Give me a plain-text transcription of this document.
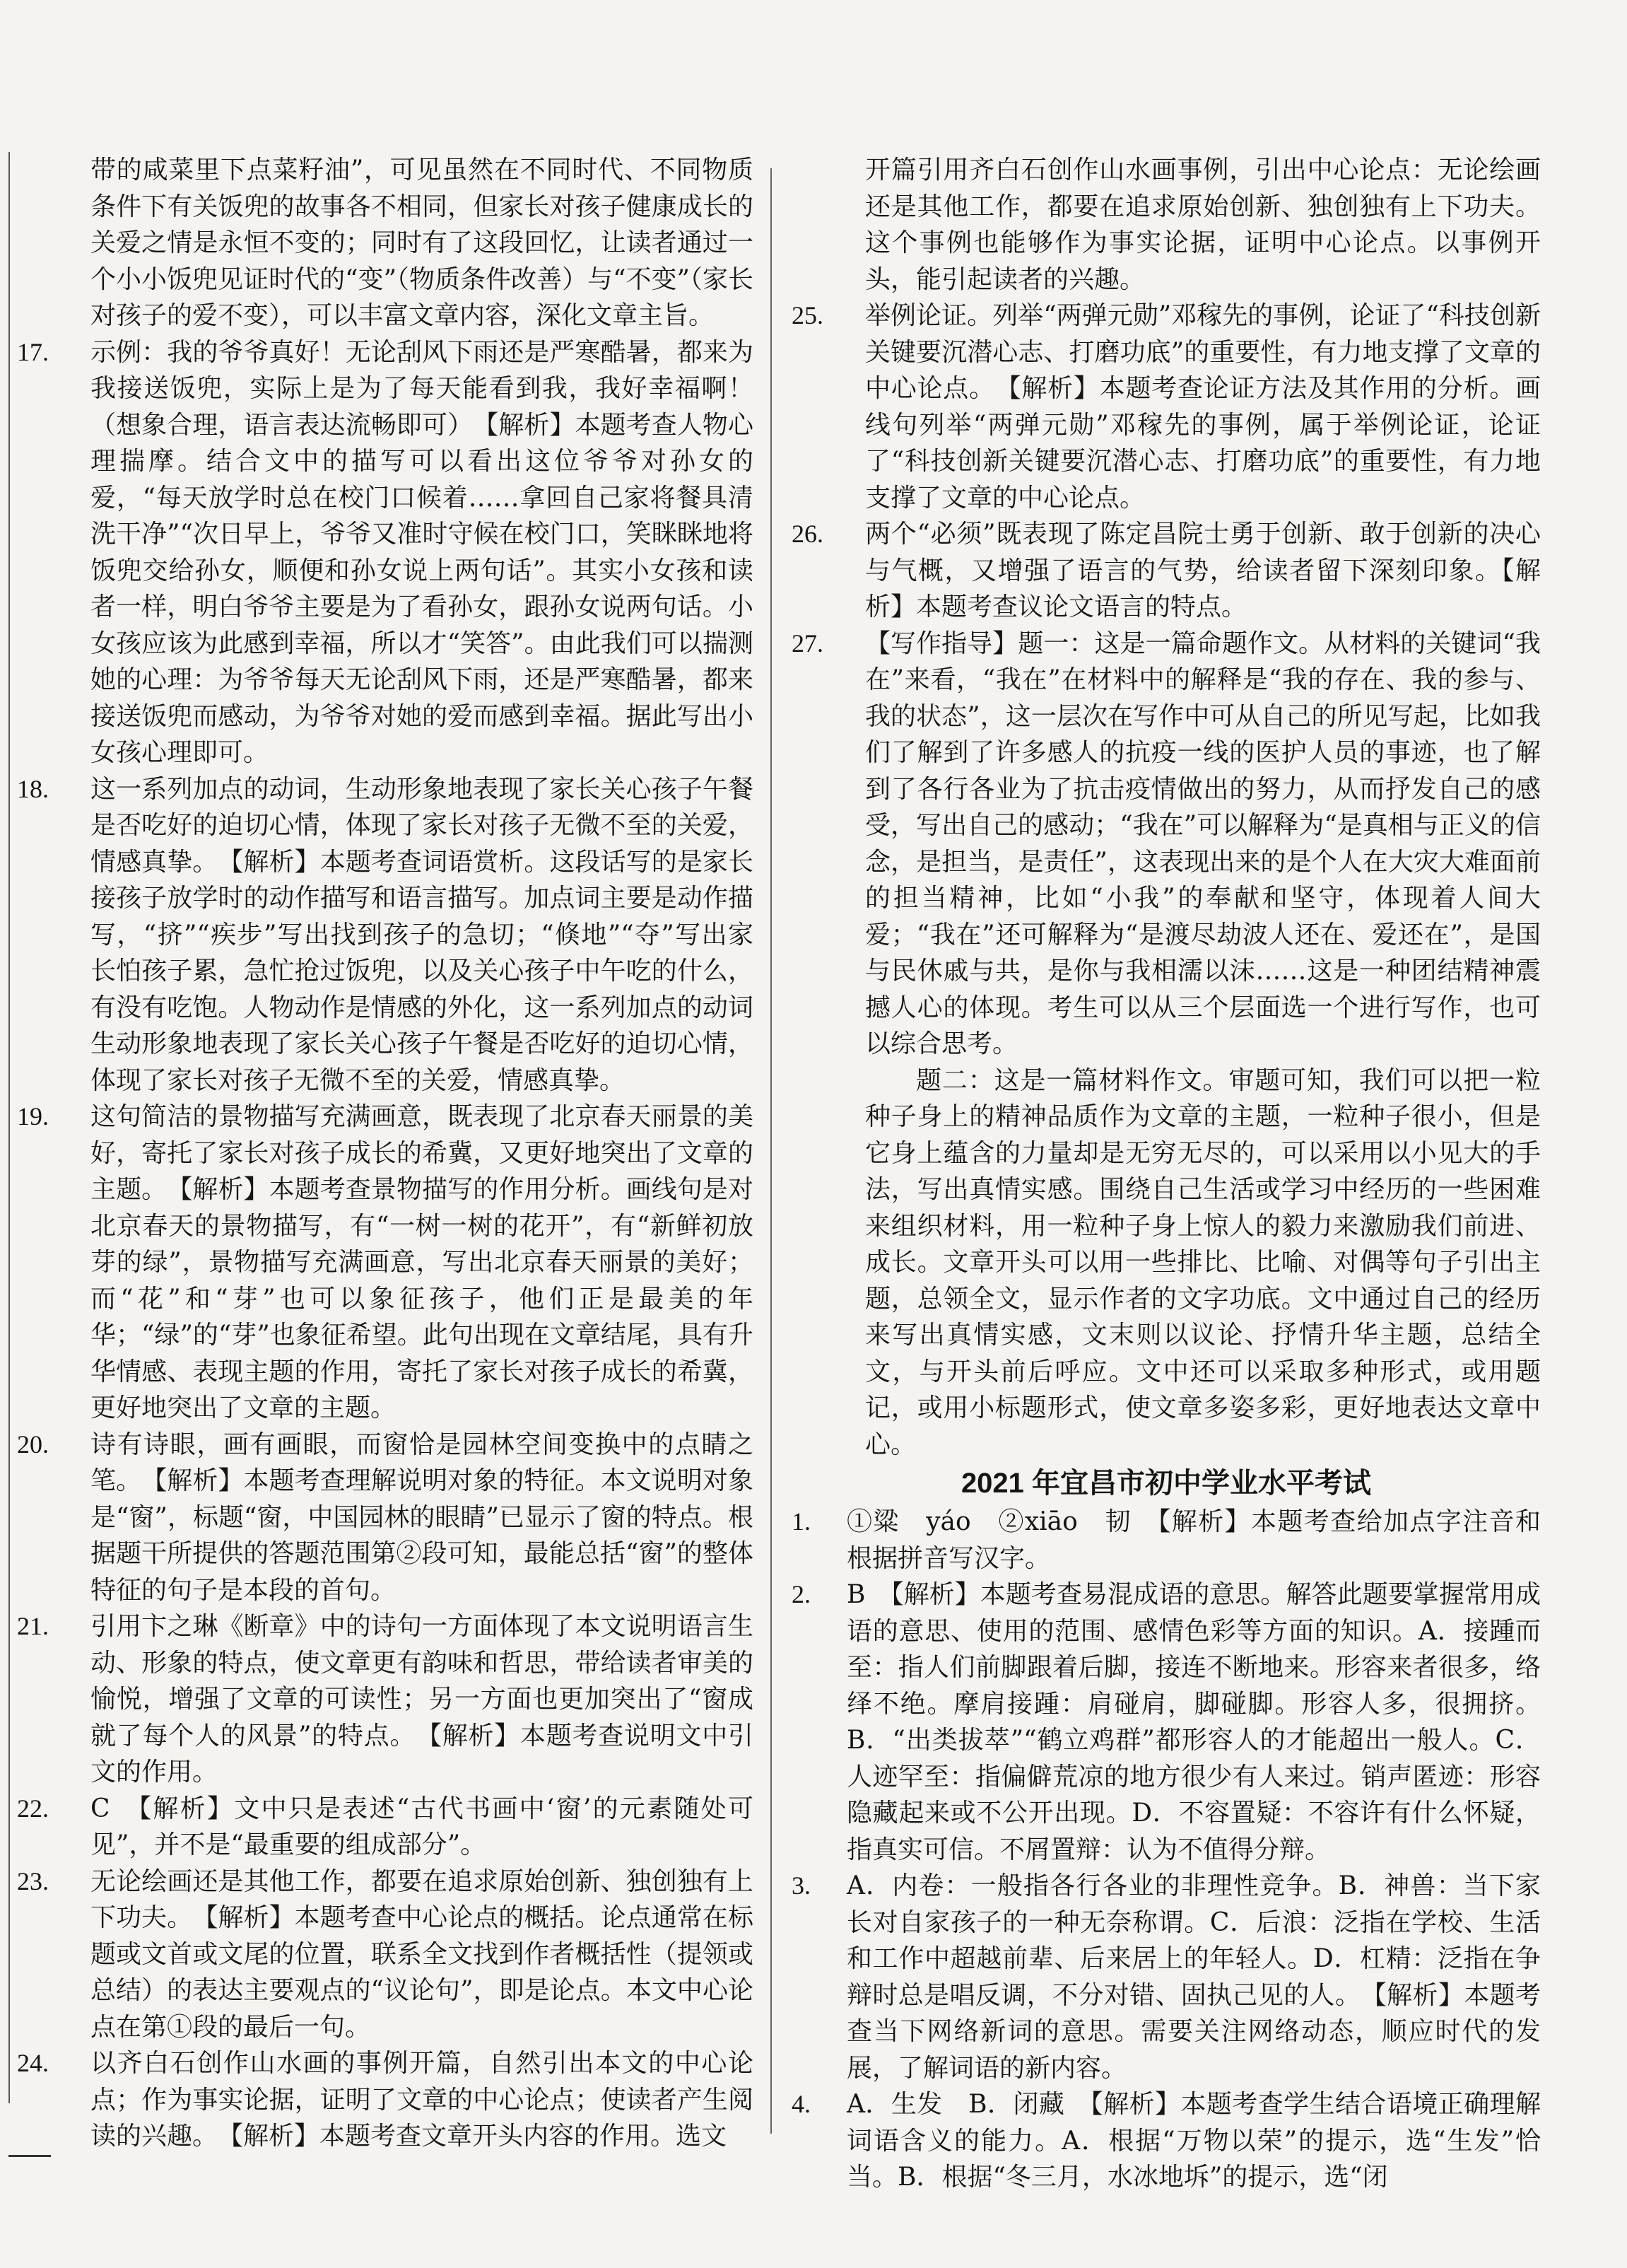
带的咸菜里下点菜籽油”，可见虽然在不同时代、不同物质条件下有关饭兜的故事各不相同，但家长对孩子健康成长的关爱之情是永恒不变的；同时有了这段回忆，让读者通过一个小小饭兜见证时代的“变”（物质条件改善）与“不变”（家长对孩子的爱不变），可以丰富文章内容，深化文章主旨。
17. 示例：我的爷爷真好！无论刮风下雨还是严寒酷暑，都来为我接送饭兜，实际上是为了每天能看到我，我好幸福啊！（想象合理，语言表达流畅即可）　【解析】本题考查人物心理揣摩。结合文中的描写可以看出这位爷爷对孙女的爱，“每天放学时总在校门口候着……拿回自己家将餐具清洗干净”“次日早上，爷爷又准时守候在校门口，笑眯眯地将饭兜交给孙女，顺便和孙女说上两句话”。其实小女孩和读者一样，明白爷爷主要是为了看孙女，跟孙女说两句话。小女孩应该为此感到幸福，所以才“笑答”。由此我们可以揣测她的心理：为爷爷每天无论刮风下雨，还是严寒酷暑，都来接送饭兜而感动，为爷爷对她的爱而感到幸福。据此写出小女孩心理即可。
18. 这一系列加点的动词，生动形象地表现了家长关心孩子午餐是否吃好的迫切心情，体现了家长对孩子无微不至的关爱，情感真挚。　【解析】本题考查词语赏析。这段话写的是家长接孩子放学时的动作描写和语言描写。加点词主要是动作描写，“挤”“疾步”写出找到孩子的急切；“倏地”“夺”写出家长怕孩子累，急忙抢过饭兜，以及关心孩子中午吃的什么，有没有吃饱。人物动作是情感的外化，这一系列加点的动词生动形象地表现了家长关心孩子午餐是否吃好的迫切心情，体现了家长对孩子无微不至的关爱，情感真挚。
19. 这句简洁的景物描写充满画意，既表现了北京春天丽景的美好，寄托了家长对孩子成长的希冀，又更好地突出了文章的主题。　【解析】本题考查景物描写的作用分析。画线句是对北京春天的景物描写，有“一树一树的花开”，有“新鲜初放芽的绿”，景物描写充满画意，写出北京春天丽景的美好；而“花”和“芽”也可以象征孩子，他们正是最美的年华；“绿”的“芽”也象征希望。此句出现在文章结尾，具有升华情感、表现主题的作用，寄托了家长对孩子成长的希冀，更好地突出了文章的主题。
20. 诗有诗眼，画有画眼，而窗恰是园林空间变换中的点睛之笔。　【解析】本题考查理解说明对象的特征。本文说明对象是“窗”，标题“窗，中国园林的眼睛”已显示了窗的特点。根据题干所提供的答题范围第②段可知，最能总括“窗”的整体特征的句子是本段的首句。
21. 引用卞之琳《断章》中的诗句一方面体现了本文说明语言生动、形象的特点，使文章更有韵味和哲思，带给读者审美的愉悦，增强了文章的可读性；另一方面也更加突出了“窗成就了每个人的风景”的特点。　【解析】本题考查说明文中引文的作用。
22. C　【解析】文中只是表述“古代书画中‘窗’的元素随处可见”，并不是“最重要的组成部分”。
23. 无论绘画还是其他工作，都要在追求原始创新、独创独有上下功夫。　【解析】本题考查中心论点的概括。论点通常在标题或文首或文尾的位置，联系全文找到作者概括性（提领或总结）的表达主要观点的“议论句”，即是论点。本文中心论点在第①段的最后一句。
24. 以齐白石创作山水画的事例开篇，自然引出本文的中心论点；作为事实论据，证明了文章的中心论点；使读者产生阅读的兴趣。　【解析】本题考查文章开头内容的作用。选文
开篇引用齐白石创作山水画事例，引出中心论点：无论绘画还是其他工作，都要在追求原始创新、独创独有上下功夫。这个事例也能够作为事实论据，证明中心论点。以事例开头，能引起读者的兴趣。
25. 举例论证。列举“两弹元勋”邓稼先的事例，论证了“科技创新关键要沉潜心志、打磨功底”的重要性，有力地支撑了文章的中心论点。　【解析】本题考查论证方法及其作用的分析。画线句列举“两弹元勋”邓稼先的事例，属于举例论证，论证了“科技创新关键要沉潜心志、打磨功底”的重要性，有力地支撑了文章的中心论点。
26. 两个“必须”既表现了陈定昌院士勇于创新、敢于创新的决心与气概，又增强了语言的气势，给读者留下深刻印象。【解析】本题考查议论文语言的特点。
27. 【写作指导】题一：这是一篇命题作文。从材料的关键词“我在”来看，“我在”在材料中的解释是“我的存在、我的参与、我的状态”，这一层次在写作中可从自己的所见写起，比如我们了解到了许多感人的抗疫一线的医护人员的事迹，也了解到了各行各业为了抗击疫情做出的努力，从而抒发自己的感受，写出自己的感动；“我在”可以解释为“是真相与正义的信念，是担当，是责任”，这表现出来的是个人在大灾大难面前的担当精神，比如“小我”的奉献和坚守，体现着人间大爱；“我在”还可解释为“是渡尽劫波人还在、爱还在”，是国与民休戚与共，是你与我相濡以沫……这是一种团结精神震撼人心的体现。考生可以从三个层面选一个进行写作，也可以综合思考。
题二：这是一篇材料作文。审题可知，我们可以把一粒种子身上的精神品质作为文章的主题，一粒种子很小，但是它身上蕴含的力量却是无穷无尽的，可以采用以小见大的手法，写出真情实感。围绕自己生活或学习中经历的一些困难来组织材料，用一粒种子身上惊人的毅力来激励我们前进、成长。文章开头可以用一些排比、比喻、对偶等句子引出主题，总领全文，显示作者的文字功底。文中通过自己的经历来写出真情实感，文末则以议论、抒情升华主题，总结全文，与开头前后呼应。文中还可以采取多种形式，或用题记，或用小标题形式，使文章多姿多彩，更好地表达文章中心。
2021 年宜昌市初中学业水平考试
1. ①粱　yáo　②xiāo　韧　【解析】本题考查给加点字注音和根据拼音写汉字。
2. B　【解析】本题考查易混成语的意思。解答此题要掌握常用成语的意思、使用的范围、感情色彩等方面的知识。A．接踵而至：指人们前脚跟着后脚，接连不断地来。形容来者很多，络绎不绝。摩肩接踵：肩碰肩，脚碰脚。形容人多，很拥挤。B．“出类拔萃”“鹤立鸡群”都形容人的才能超出一般人。C．人迹罕至：指偏僻荒凉的地方很少有人来过。销声匿迹：形容隐藏起来或不公开出现。D．不容置疑：不容许有什么怀疑，指真实可信。不屑置辩：认为不值得分辩。
3. A．内卷：一般指各行各业的非理性竞争。B．神兽：当下家长对自家孩子的一种无奈称谓。C．后浪：泛指在学校、生活和工作中超越前辈、后来居上的年轻人。D．杠精：泛指在争辩时总是唱反调，不分对错、固执己见的人。　【解析】本题考查当下网络新词的意思。需要关注网络动态，顺应时代的发展，了解词语的新内容。
4. A．生发　B．闭藏　【解析】本题考查学生结合语境正确理解词语含义的能力。A．根据“万物以荣”的提示，选“生发”恰当。B．根据“冬三月，水冰地坼”的提示，选“闭
